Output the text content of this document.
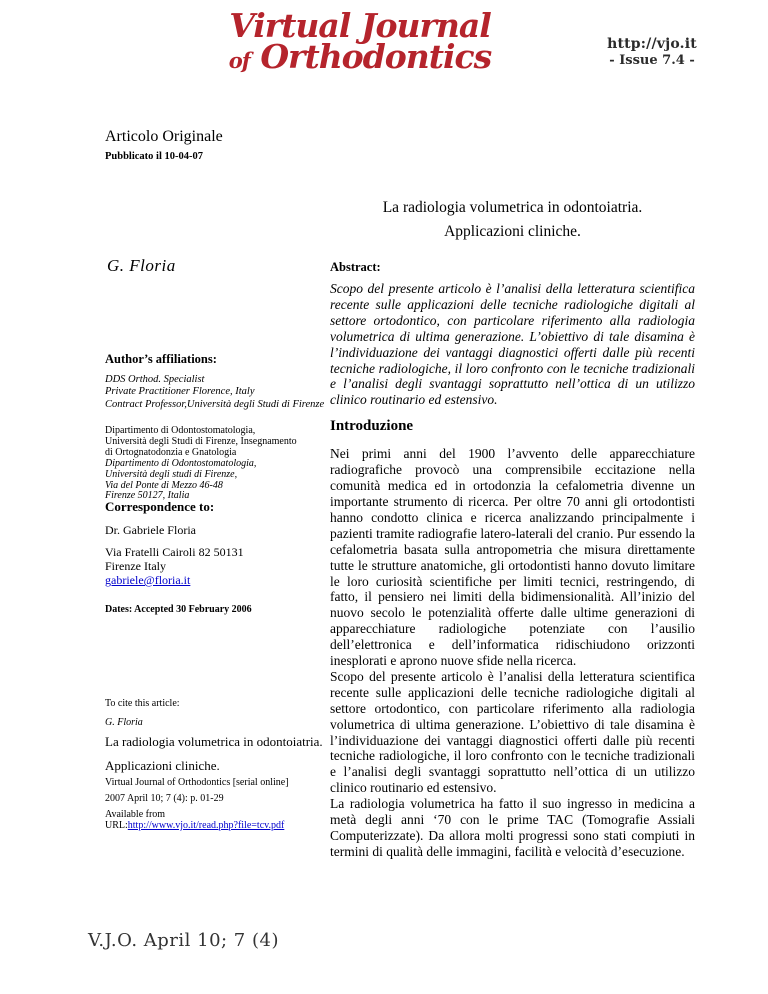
Virtual Journal
of Orthodontics	http://vjo.it
- Issue 7.4 -
Articolo Originale
Pubblicato il 10-04-07
G. Floria
Author’s affiliations:
DDS Orthod. Specialist
Private Practitioner Florence, Italy
Contract Professor,Università degli Studi di Firenze
Dipartimento di Odontostomatologia,
Università degli Studi di Firenze, Insegnamento
di Ortognatodonzia e Gnatologia
Dipartimento di Odontostomatologia,
Università degli studi di Firenze,
Via del Ponte di Mezzo 46-48
Firenze 50127, Italia
Correspondence to:
Dr. Gabriele Floria
Via Fratelli Cairoli 82 50131
Firenze Italy
gabriele@floria.it
Dates: Accepted 30 February 2006
To cite this article:
G. Floria
La radiologia volumetrica in odontoiatria.
Applicazioni cliniche.
Virtual Journal of Orthodontics [serial online]
2007 April 10; 7 (4): p. 01-29
Available from
URL:http://www.vjo.it/read.php?file=tcv.pdf
La radiologia volumetrica in odontoiatria.
Applicazioni cliniche.
Abstract:
Scopo del presente articolo è l’analisi della letteratura scientifica recente sulle applicazioni delle tecniche radiologiche digitali al settore ortodontico, con particolare riferimento alla radiologia volumetrica di ultima generazione. L’obiettivo di tale disamina è l’individuazione dei vantaggi diagnostici offerti dalle più recenti tecniche radiologiche, il loro confronto con le tecniche tradizionali e l’analisi degli svantaggi soprattutto nell’ottica di un utilizzo clinico routinario ed estensivo.
Introduzione

Nei primi anni del 1900 l’avvento delle apparecchiature radiografiche provocò una comprensibile eccitazione nella comunità medica ed in ortodonzia la cefalometria divenne un importante strumento di ricerca. Per oltre 70 anni gli ortodontisti hanno condotto clinica e ricerca analizzando principalmente i pazienti tramite radiografie latero-laterali del cranio. Pur essendo la cefalometria basata sulla antropometria che misura direttamente tutte le strutture anatomiche, gli ortodontisti hanno dovuto limitare le loro curiosità scientifiche per limiti tecnici, restringendo, di fatto, il pensiero nei limiti della bidimensionalità. All’inizio del nuovo secolo le potenzialità offerte dalle ultime generazioni di apparecchiature radiologiche potenziate con l’ausilio dell’elettronica e dell’informatica ridischiudono orizzonti inesplorati e aprono nuove sfide nella ricerca.

Scopo del presente articolo è l’analisi della letteratura scientifica recente sulle applicazioni delle tecniche radiologiche digitali al settore ortodontico, con particolare riferimento alla radiologia volumetrica di ultima generazione. L’obiettivo di tale disamina è l’individuazione dei vantaggi diagnostici offerti dalle più recenti tecniche radiologiche, il loro confronto con le tecniche tradizionali e l’analisi degli svantaggi soprattutto nell’ottica di un utilizzo clinico routinario ed estensivo.

La radiologia volumetrica ha fatto il suo ingresso in medicina a metà degli anni ‘70 con le prime TAC (Tomografie Assiali Computerizzate). Da allora molti progressi sono stati compiuti in termini di qualità delle immagini, facilità e velocità d’esecuzione.

V.J.O. April 10; 7 (4)
